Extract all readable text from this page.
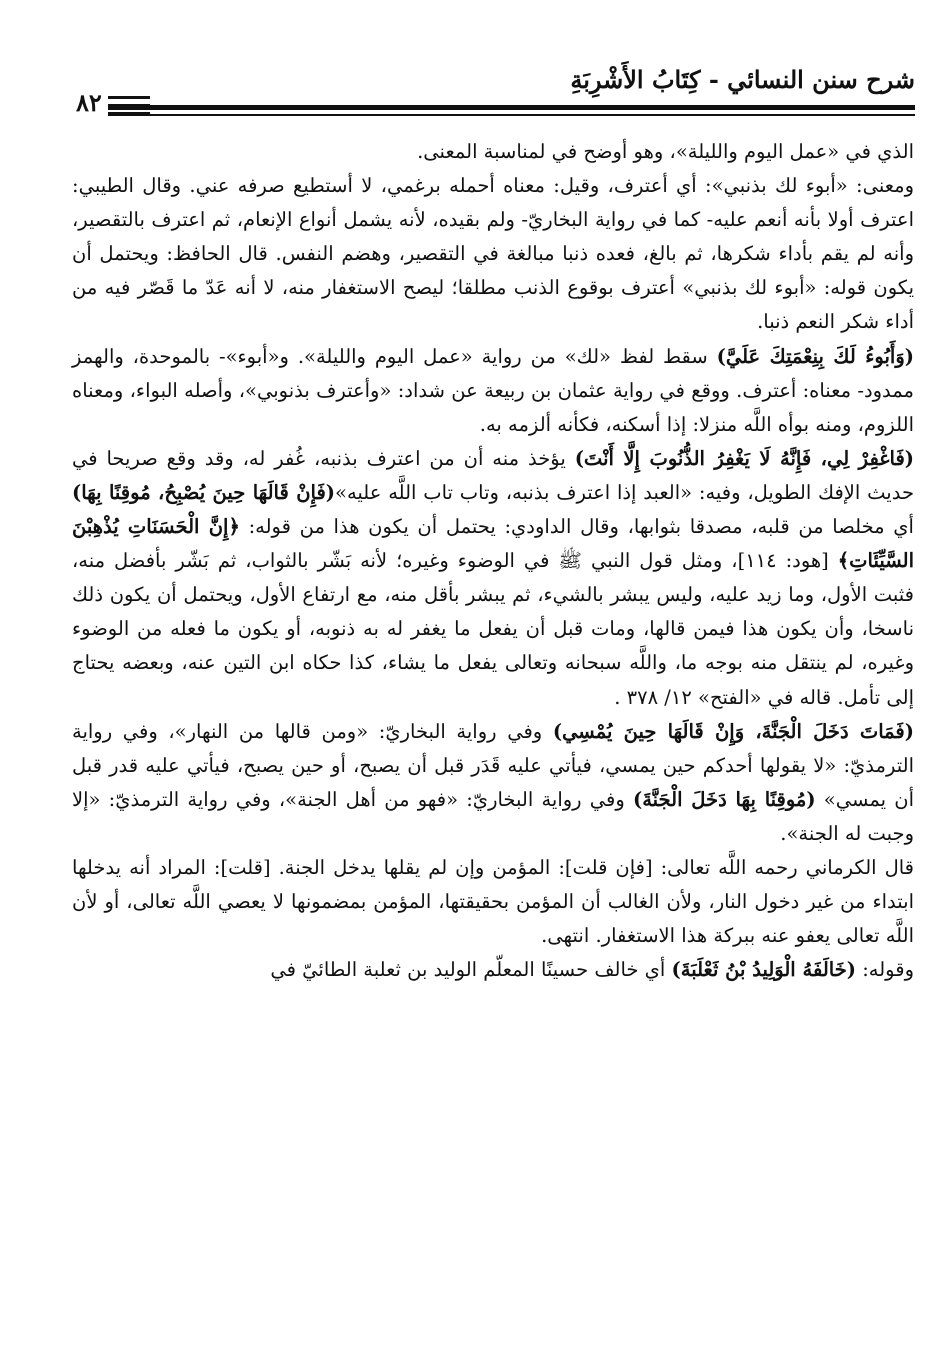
شرح سنن النسائي - كِتَابُ الأَشْرِبَةِ
٨٢

الذي في «عمل اليوم والليلة»، وهو أوضح في لمناسبة المعنى.

ومعنى: «أبوء لك بذنبي»: أي أعترف، وقيل: معناه أحمله برغمي، لا أستطيع صرفه عني. وقال الطيبي: اعترف أولا بأنه أنعم عليه- كما في رواية البخاريّ- ولم بقيده، لأنه يشمل أنواع الإنعام، ثم اعترف بالتقصير، وأنه لم يقم بأداء شكرها، ثم بالغ، فعده ذنبا مبالغة في التقصير، وهضم النفس. قال الحافظ: ويحتمل أن يكون قوله: «أبوء لك بذنبي» أعترف بوقوع الذنب مطلقا؛ ليصح الاستغفار منه، لا أنه عَدّ ما قَصّر فيه من أداء شكر النعم ذنبا.

(وَأَبُوءُ لَكَ بِنِعْمَتِكَ عَلَيَّ) سقط لفظ «لك» من رواية «عمل اليوم والليلة». و«أبوء»- بالموحدة، والهمز ممدود- معناه: أعترف. ووقع في رواية عثمان بن ربيعة عن شداد: «وأعترف بذنوبي»، وأصله البواء، ومعناه اللزوم، ومنه بوأه اللَّه منزلا: إذا أسكنه، فكأنه ألزمه به.

(فَاغْفِرْ لِي، فَإِنَّهُ لَا يَغْفِرُ الذُّنُوبَ إِلَّا أَنْتَ) يؤخذ منه أن من اعترف بذنبه، غُفر له، وقد وقع صريحا في حديث الإفك الطويل، وفيه: «العبد إذا اعترف بذنبه، وتاب تاب اللَّه عليه»(فَإِنْ قَالَهَا حِينَ يُصْبِحُ، مُوقِنًا بِهَا) أي مخلصا من قلبه، مصدقا بثوابها، وقال الداودي: يحتمل أن يكون هذا من قوله: ﴿إِنَّ الْحَسَنَاتِ يُذْهِبْنَ السَّيِّئَاتِ﴾ [هود: ١١٤]، ومثل قول النبي ﷺ في الوضوء وغيره؛ لأنه بَشّر بالثواب، ثم بَشّر بأفضل منه، فثبت الأول، وما زيد عليه، وليس يبشر بالشيء، ثم يبشر بأقل منه، مع ارتفاع الأول، ويحتمل أن يكون ذلك ناسخا، وأن يكون هذا فيمن قالها، ومات قبل أن يفعل ما يغفر له به ذنوبه، أو يكون ما فعله من الوضوء وغيره، لم ينتقل منه بوجه ما، واللَّه سبحانه وتعالى يفعل ما يشاء، كذا حكاه ابن التين عنه، وبعضه يحتاج إلى تأمل. قاله في «الفتح» ١٢/ ٣٧٨ .

(فَمَاتَ دَخَلَ الْجَنَّةَ، وَإِنْ قَالَهَا حِينَ يُمْسِي) وفي رواية البخاريّ: «ومن قالها من النهار»، وفي رواية الترمذيّ: «لا يقولها أحدكم حين يمسي، فيأتي عليه قَدَر قبل أن يصبح، أو حين يصبح، فيأتي عليه قدر قبل أن يمسي» (مُوقِنًا بِهَا دَخَلَ الْجَنَّةَ) وفي رواية البخاريّ: «فهو من أهل الجنة»، وفي رواية الترمذيّ: «إلا وجبت له الجنة».

قال الكرماني رحمه اللَّه تعالى: [فإن قلت]: المؤمن وإن لم يقلها يدخل الجنة. [قلت]: المراد أنه يدخلها ابتداء من غير دخول النار، ولأن الغالب أن المؤمن بحقيقتها، المؤمن بمضمونها لا يعصي اللَّه تعالى، أو لأن اللَّه تعالى يعفو عنه ببركة هذا الاستغفار. انتهى.

وقوله: (خَالَفَهُ الْوَلِيدُ بْنُ ثَعْلَبَةَ) أي خالف حسينًا المعلّم الوليد بن ثعلبة الطائيّ في
